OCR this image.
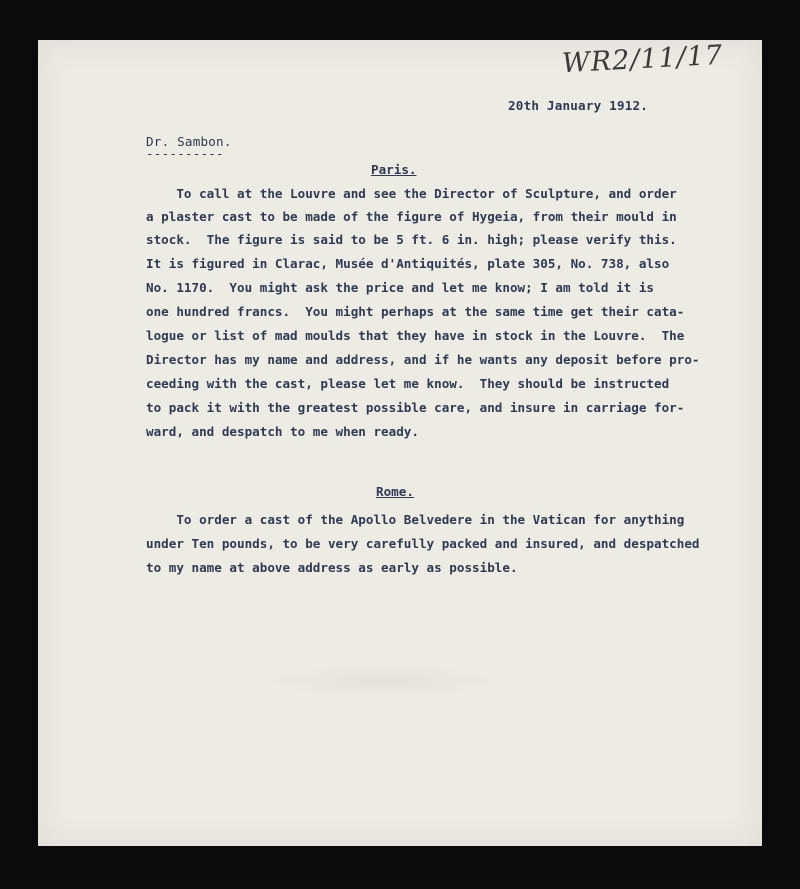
WR2/11/17
20th January 1912.
Dr. Sambon.
----------
Paris.
To call at the Louvre and see the Director of Sculpture, and order
a plaster cast to be made of the figure of Hygeia, from their mould in
stock.  The figure is said to be 5 ft. 6 in. high; please verify this.
It is figured in Clarac, Musée d'Antiquités, plate 305, No. 738, also
No. 1170.  You might ask the price and let me know; I am told it is
one hundred francs.  You might perhaps at the same time get their cata-
logue or list of mad moulds that they have in stock in the Louvre.  The
Director has my name and address, and if he wants any deposit before pro-
ceeding with the cast, please let me know.  They should be instructed
to pack it with the greatest possible care, and insure in carriage for-
ward, and despatch to me when ready.
Rome.
To order a cast of the Apollo Belvedere in the Vatican for anything
under Ten pounds, to be very carefully packed and insured, and despatched
to my name at above address as early as possible.
